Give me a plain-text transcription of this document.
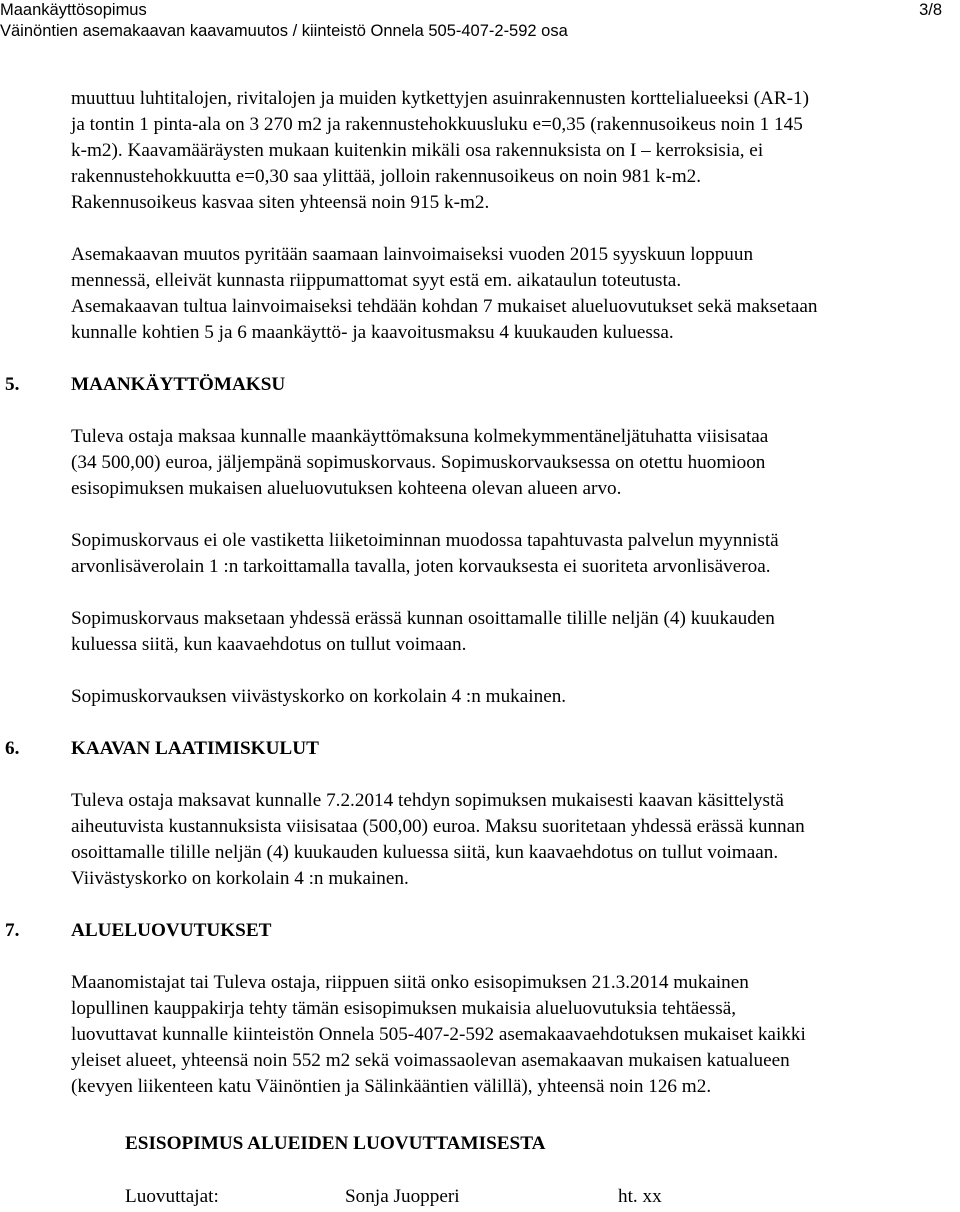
Maankäyttösopimus	3/8
Väinöntien asemakaavan kaavamuutos / kiinteistö Onnela 505-407-2-592 osa

muuttuu luhtitalojen, rivitalojen ja muiden kytkettyjen asuinrakennusten korttelialueeksi (AR-1)
ja tontin 1 pinta-ala on 3 270 m2 ja rakennustehokkuusluku e=0,35 (rakennusoikeus noin 1 145
k-m2). Kaavamääräysten mukaan kuitenkin mikäli osa rakennuksista on I – kerroksisia, ei
rakennustehokkuutta e=0,30 saa ylittää, jolloin rakennusoikeus on noin 981 k-m2.
Rakennusoikeus kasvaa siten yhteensä noin 915 k-m2.

Asemakaavan muutos pyritään saamaan lainvoimaiseksi vuoden 2015 syyskuun loppuun
mennessä, elleivät kunnasta riippumattomat syyt estä em. aikataulun toteutusta.
Asemakaavan tultua lainvoimaiseksi tehdään kohdan 7 mukaiset alueluovutukset sekä maksetaan
kunnalle kohtien 5 ja 6 maankäyttö- ja kaavoitusmaksu 4 kuukauden kuluessa.

5.	MAANKÄYTTÖMAKSU

Tuleva ostaja maksaa kunnalle maankäyttömaksuna kolmekymmentäneljätuhatta viisisataa
(34 500,00) euroa, jäljempänä sopimuskorvaus. Sopimuskorvauksessa on otettu huomioon
esisopimuksen mukaisen alueluovutuksen kohteena olevan alueen arvo.

Sopimuskorvaus ei ole vastiketta liiketoiminnan muodossa tapahtuvasta palvelun myynnistä
arvonlisäverolain 1 :n tarkoittamalla tavalla, joten korvauksesta ei suoriteta arvonlisäveroa.

Sopimuskorvaus maksetaan yhdessä erässä kunnan osoittamalle tilille neljän (4) kuukauden
kuluessa siitä, kun kaavaehdotus on tullut voimaan.

Sopimuskorvauksen viivästyskorko on korkolain 4 :n mukainen.

6.	KAAVAN LAATIMISKULUT

Tuleva ostaja maksavat kunnalle 7.2.2014 tehdyn sopimuksen mukaisesti kaavan käsittelystä
aiheutuvista kustannuksista viisisataa (500,00) euroa. Maksu suoritetaan yhdessä erässä kunnan
osoittamalle tilille neljän (4) kuukauden kuluessa siitä, kun kaavaehdotus on tullut voimaan.
Viivästyskorko on korkolain 4 :n mukainen.

7.	ALUELUOVUTUKSET

Maanomistajat tai Tuleva ostaja, riippuen siitä onko esisopimuksen 21.3.2014 mukainen
lopullinen kauppakirja tehty tämän esisopimuksen mukaisia alueluovutuksia tehtäessä,
luovuttavat kunnalle kiinteistön Onnela 505-407-2-592 asemakaavaehdotuksen mukaiset kaikki
yleiset alueet, yhteensä noin 552 m2 sekä voimassaolevan asemakaavan mukaisen katualueen
(kevyen liikenteen katu Väinöntien ja Sälinkääntien välillä), yhteensä noin 126 m2.

ESISOPIMUS ALUEIDEN LUOVUTTAMISESTA
Luovuttajat:	Sonja Juopperi	ht. xx
